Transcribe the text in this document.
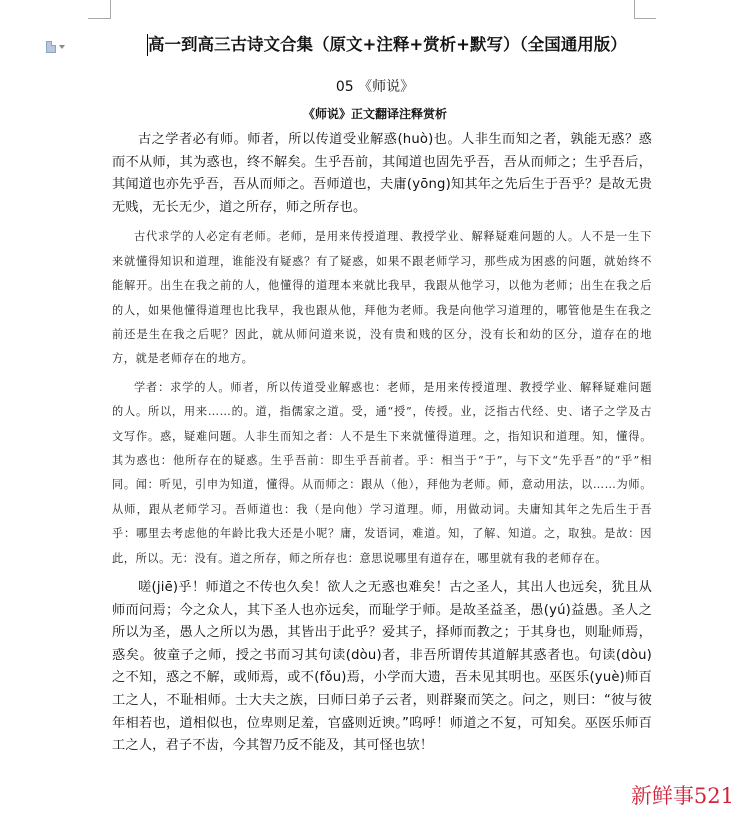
高一到高三古诗文合集（原文+注释+赏析+默写）（全国通用版）
05 《师说》
《师说》正文翻译注释赏析

古之学者必有师。师者，所以传道受业解惑(huò)也。人非生而知之者，孰能无惑？惑而不从师，其为惑也，终不解矣。生乎吾前，其闻道也固先乎吾，吾从而师之；生乎吾后，其闻道也亦先乎吾，吾从而师之。吾师道也，夫庸(yōng)知其年之先后生于吾乎？是故无贵无贱，无长无少，道之所存，师之所存也。

古代求学的人必定有老师。老师，是用来传授道理、教授学业、解释疑难问题的人。人不是一生下来就懂得知识和道理，谁能没有疑惑？有了疑惑，如果不跟老师学习，那些成为困惑的问题，就始终不能解开。出生在我之前的人，他懂得的道理本来就比我早，我跟从他学习，以他为老师；出生在我之后的人，如果他懂得道理也比我早，我也跟从他，拜他为老师。我是向他学习道理的，哪管他是生在我之前还是生在我之后呢？因此，就从师问道来说，没有贵和贱的区分，没有长和幼的区分，道存在的地方，就是老师存在的地方。

学者：求学的人。师者，所以传道受业解惑也：老师，是用来传授道理、教授学业、解释疑难问题的人。所以，用来……的。道，指儒家之道。受，通“授”，传授。业，泛指古代经、史、诸子之学及古文写作。惑，疑难问题。人非生而知之者：人不是生下来就懂得道理。之，指知识和道理。知，懂得。其为惑也：他所存在的疑惑。生乎吾前：即生乎吾前者。乎：相当于“于”，与下文“先乎吾”的“乎”相同。闻：听见，引申为知道，懂得。从而师之：跟从（他），拜他为老师。师，意动用法，以……为师。从师，跟从老师学习。吾师道也：我（是向他）学习道理。师，用做动词。夫庸知其年之先后生于吾乎：哪里去考虑他的年龄比我大还是小呢？庸，发语词，难道。知，了解、知道。之，取独。是故：因此，所以。无：没有。道之所存，师之所存也：意思说哪里有道存在，哪里就有我的老师存在。

嗟(jiē)乎！师道之不传也久矣！欲人之无惑也难矣！古之圣人，其出人也远矣，犹且从师而问焉；今之众人，其下圣人也亦远矣，而耻学于师。是故圣益圣，愚(yú)益愚。圣人之所以为圣，愚人之所以为愚，其皆出于此乎？爱其子，择师而教之；于其身也，则耻师焉，惑矣。彼童子之师，授之书而习其句读(dòu)者，非吾所谓传其道解其惑者也。句读(dòu)之不知，惑之不解，或师焉，或不(fǒu)焉，小学而大遗，吾未见其明也。巫医乐(yuè)师百工之人，不耻相师。士大夫之族，曰师曰弟子云者，则群聚而笑之。问之，则曰：“彼与彼年相若也，道相似也，位卑则足羞，官盛则近谀。”呜呼！师道之不复，可知矣。巫医乐师百工之人，君子不齿，今其智乃反不能及，其可怪也欤！

新鲜事521
